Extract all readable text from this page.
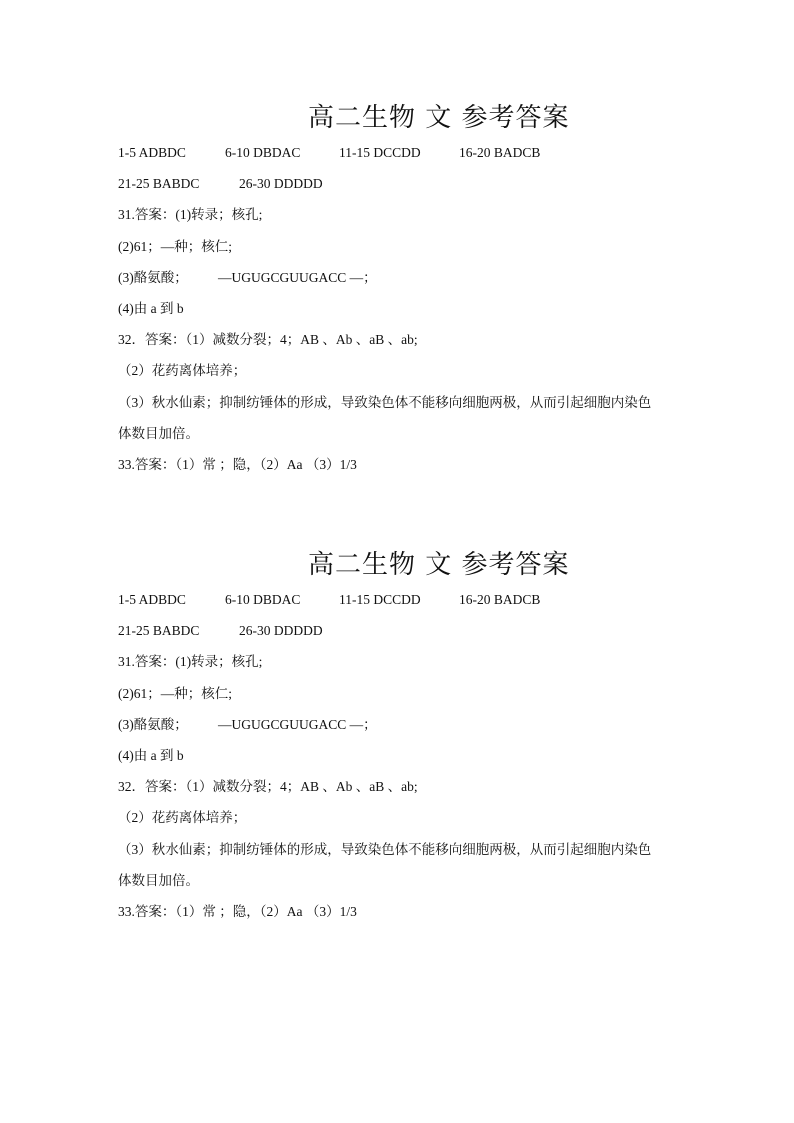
高二生物 文 参考答案
1-5 ADBDC	6-10 DBDAC	11-15 DCCDD	16-20 BADCB
21-25 BABDC	26-30 DDDDD
31.答案：(1)转录；核孔;
(2)61；—种；核仁;
(3)酪氨酸； —UGUGCGUUGACC —；
(4)由 a 到 b
32．答案：（1）减数分裂；4；AB 、Ab 、aB 、ab;
（2）花药离体培养；
（3）秋水仙素；抑制纺锤体的形成，导致染色体不能移向细胞两极，从而引起细胞内染色
体数目加倍。
33.答案：（1）常 ；隐，（2）Aa （3）1/3
高二生物 文 参考答案
1-5 ADBDC	6-10 DBDAC	11-15 DCCDD	16-20 BADCB
21-25 BABDC	26-30 DDDDD
31.答案：(1)转录；核孔;
(2)61；—种；核仁;
(3)酪氨酸； —UGUGCGUUGACC —；
(4)由 a 到 b
32．答案：（1）减数分裂；4；AB 、Ab 、aB 、ab;
（2）花药离体培养；
（3）秋水仙素；抑制纺锤体的形成，导致染色体不能移向细胞两极，从而引起细胞内染色
体数目加倍。
33.答案：（1）常 ；隐，（2）Aa （3）1/3
